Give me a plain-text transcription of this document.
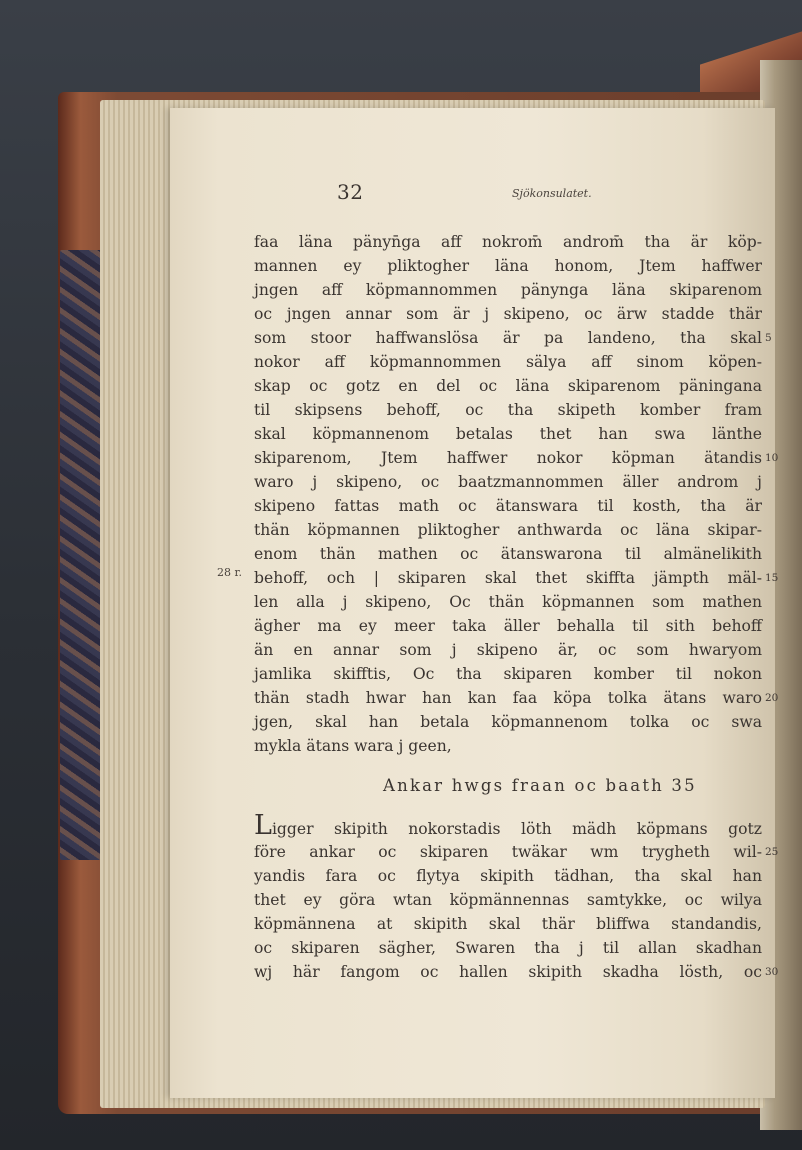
32	Sjökonsulatet.
28 r.
faa läna pänyn̄ga aff nokrom̄ androm̄ tha är köp-
mannen ey pliktogher läna honom, Jtem haffwer
jngen aff köpmannommen pänynga läna skiparenom
oc jngen annar som är j skipeno, oc ärw stadde thär
som stoor haffwanslösa är pa landeno, tha skal
nokor aff köpmannommen sälya aff sinom köpen-
skap oc gotz en del oc läna skiparenom päningana
til skipsens behoff, oc tha skipeth komber fram
skal köpmannenom betalas thet han swa länthe
skiparenom, Jtem haffwer nokor köpman ätandis
waro j skipeno, oc baatzmannommen äller androm j
skipeno fattas math oc ätanswara til kosth, tha är
thän köpmannen pliktogher anthwarda oc läna skipar-
enom thän mathen oc ätanswarona til almänelikith
behoff, och | skiparen skal thet skiffta jämpth mäl-
len alla j skipeno, Oc thän köpmannen som mathen
ägher ma ey meer taka äller behalla til sith behoff
än en annar som j skipeno är, oc som hwaryom
jamlika skifftis, Oc tha skiparen komber til nokon
thän stadh hwar han kan faa köpa tolka ätans waro
jgen, skal han betala köpmannenom tolka oc swa
mykla ätans wara j geen,
Ankar hwgs fraan oc baath 35
L igger skipith nokorstadis löth mädh köpmans gotz
före ankar oc skiparen twäkar wm trygheth wil-
yandis fara oc flytya skipith tädhan, tha skal han
thet ey göra wtan köpmännennas samtykke, oc wilya
köpmännena at skipith skal thär bliffwa standandis,
oc skiparen sägher, Swaren tha j til allan skadhan
wj här fangom oc hallen skipith skadha lösth, oc
5
10
15
20
25
30
